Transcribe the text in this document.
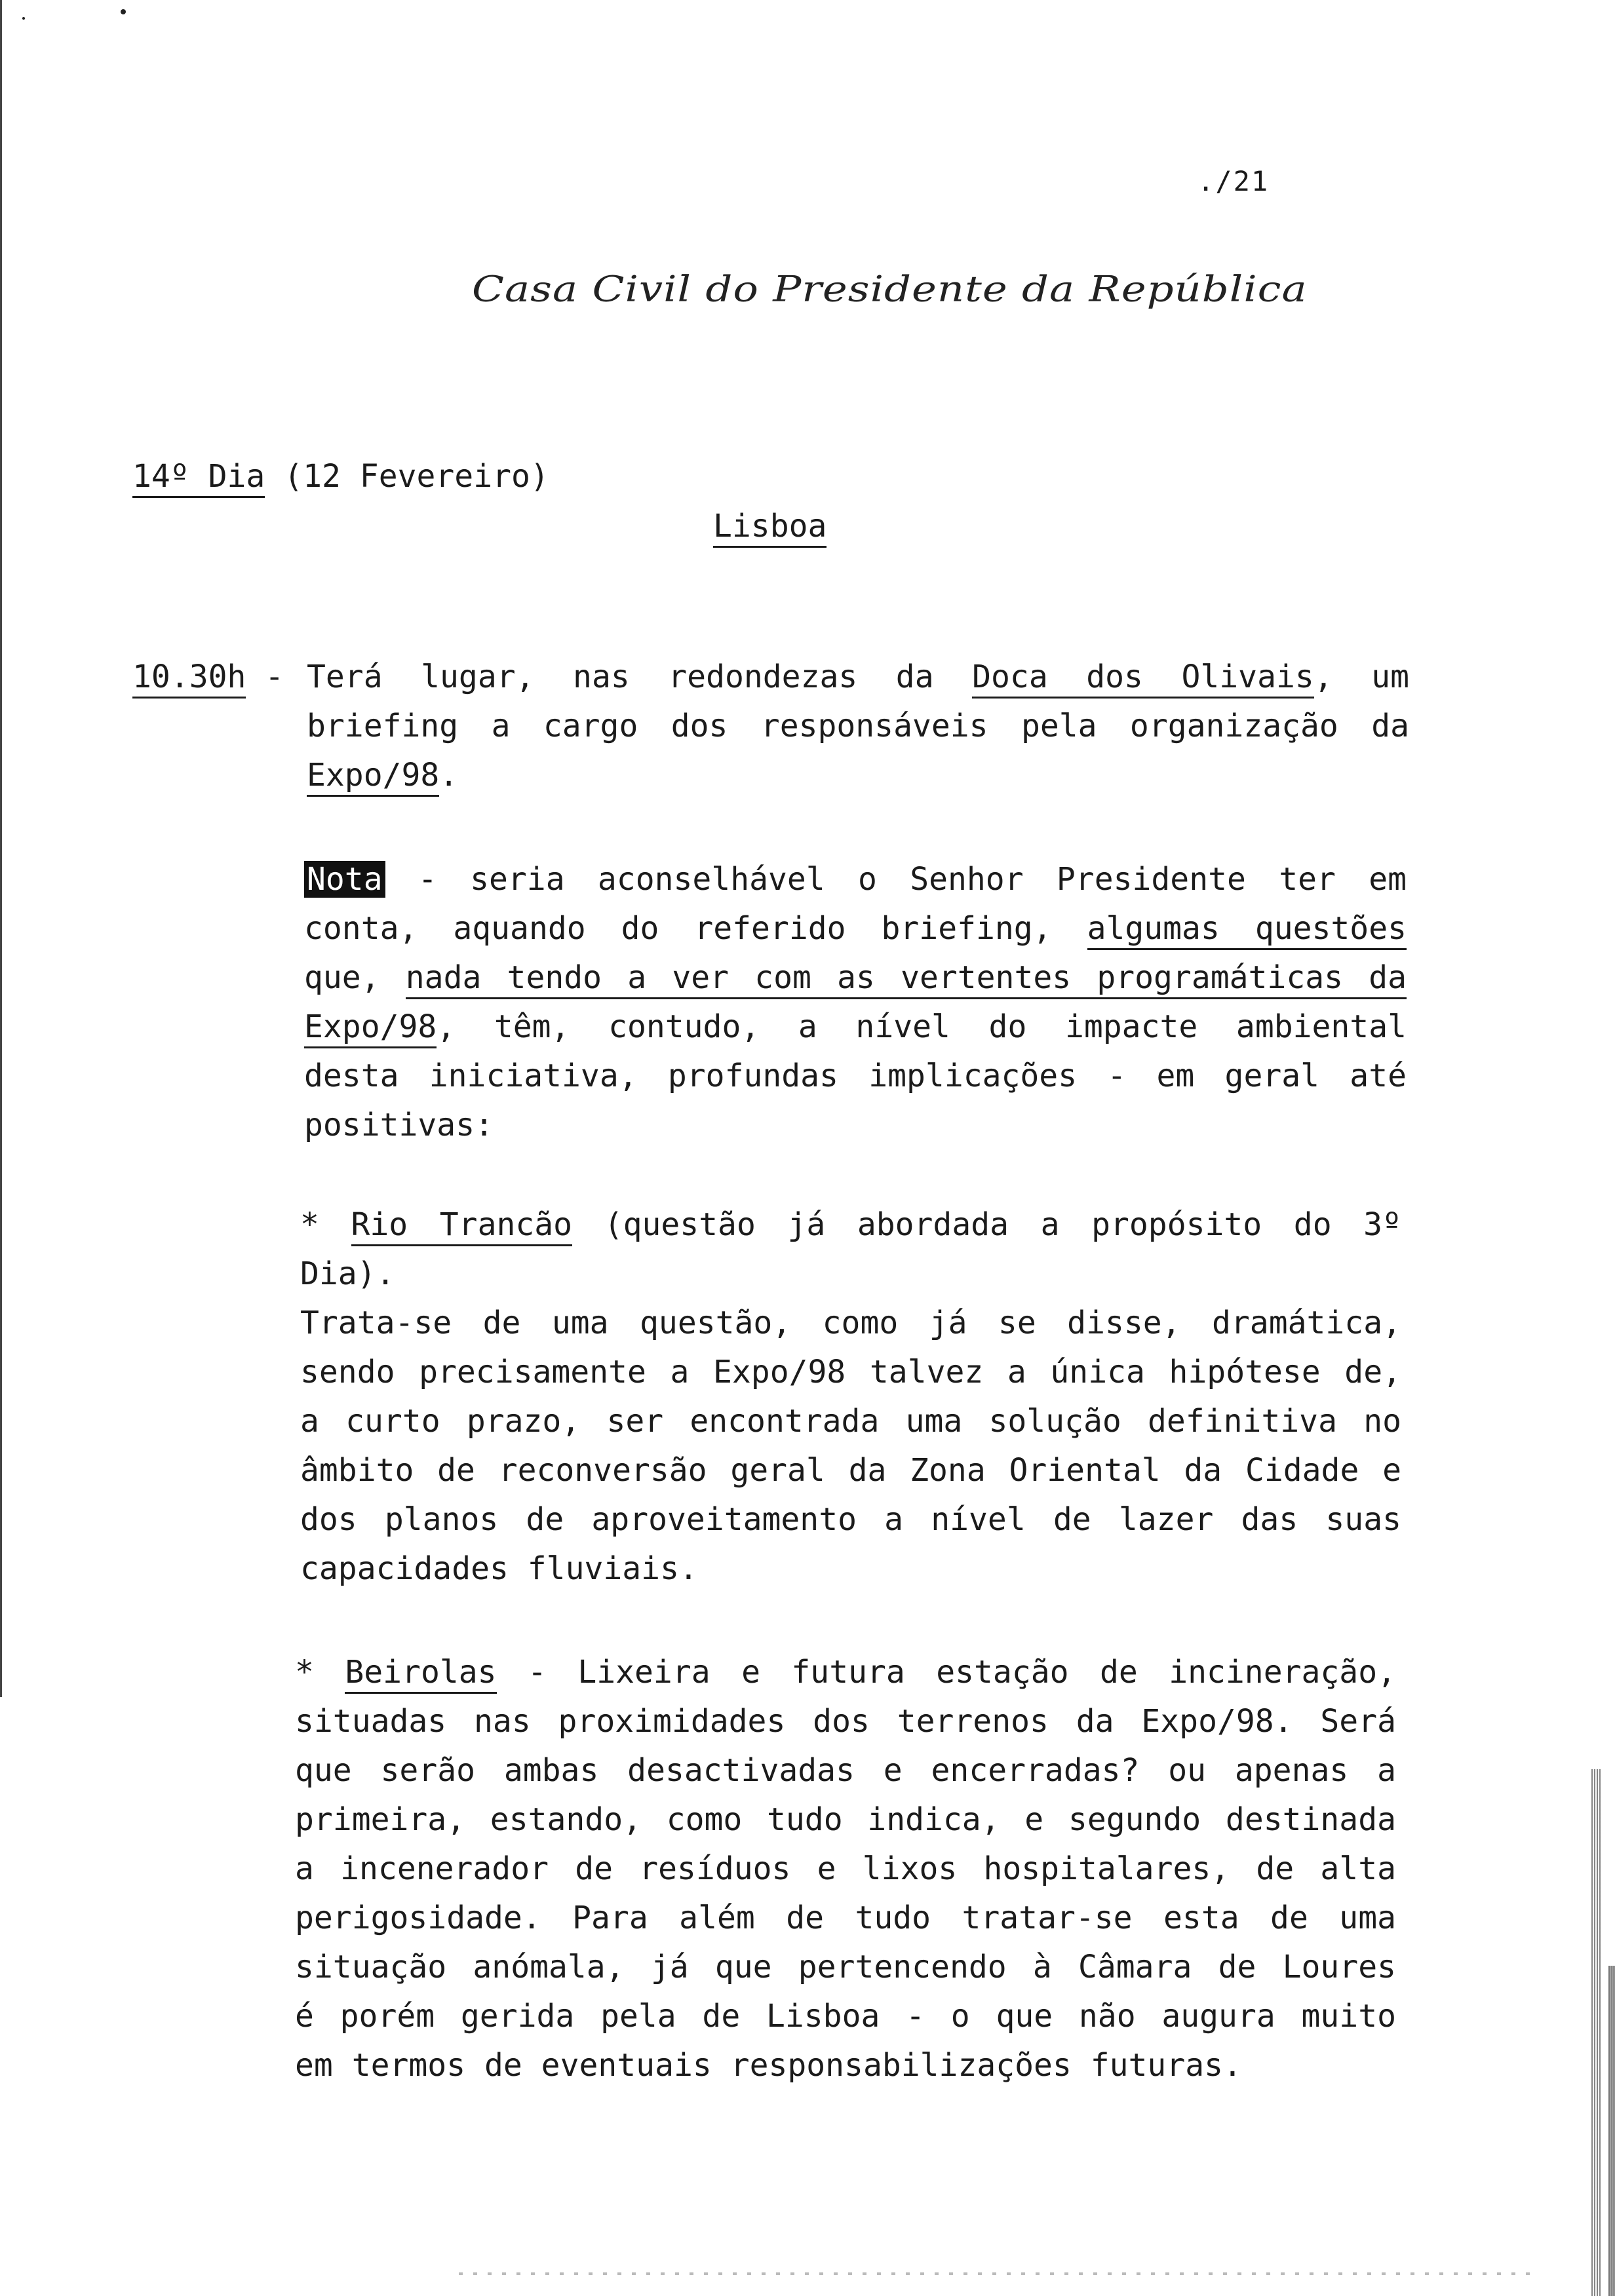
./21
Casa Civil do Presidente da República
14º Dia (12 Fevereiro)
Lisboa
10.30h - Terá lugar, nas redondezas da Doca dos Olivais, um
briefing a cargo dos responsáveis pela organização da
Expo/98.
Nota - seria aconselhável o Senhor Presidente ter em
conta, aquando do referido briefing, algumas questões
que, nada tendo a ver com as vertentes programáticas da
Expo/98, têm, contudo, a nível do impacte ambiental
desta iniciativa, profundas implicações - em geral até
positivas:
* Rio Trancão (questão já abordada a propósito do 3º
Dia).
Trata-se de uma questão, como já se disse, dramática,
sendo precisamente a Expo/98 talvez a única hipótese de,
a curto prazo, ser encontrada uma solução definitiva no
âmbito de reconversão geral da Zona Oriental da Cidade e
dos planos de aproveitamento a nível de lazer das suas
capacidades fluviais.
* Beirolas - Lixeira e futura estação de incineração,
situadas nas proximidades dos terrenos da Expo/98. Será
que serão ambas desactivadas e encerradas? ou apenas a
primeira, estando, como tudo indica, e segundo destinada
a incenerador de resíduos e lixos hospitalares, de alta
perigosidade. Para além de tudo tratar-se esta de uma
situação anómala, já que pertencendo à Câmara de Loures
é porém gerida pela de Lisboa - o que não augura muito
em termos de eventuais responsabilizações futuras.
